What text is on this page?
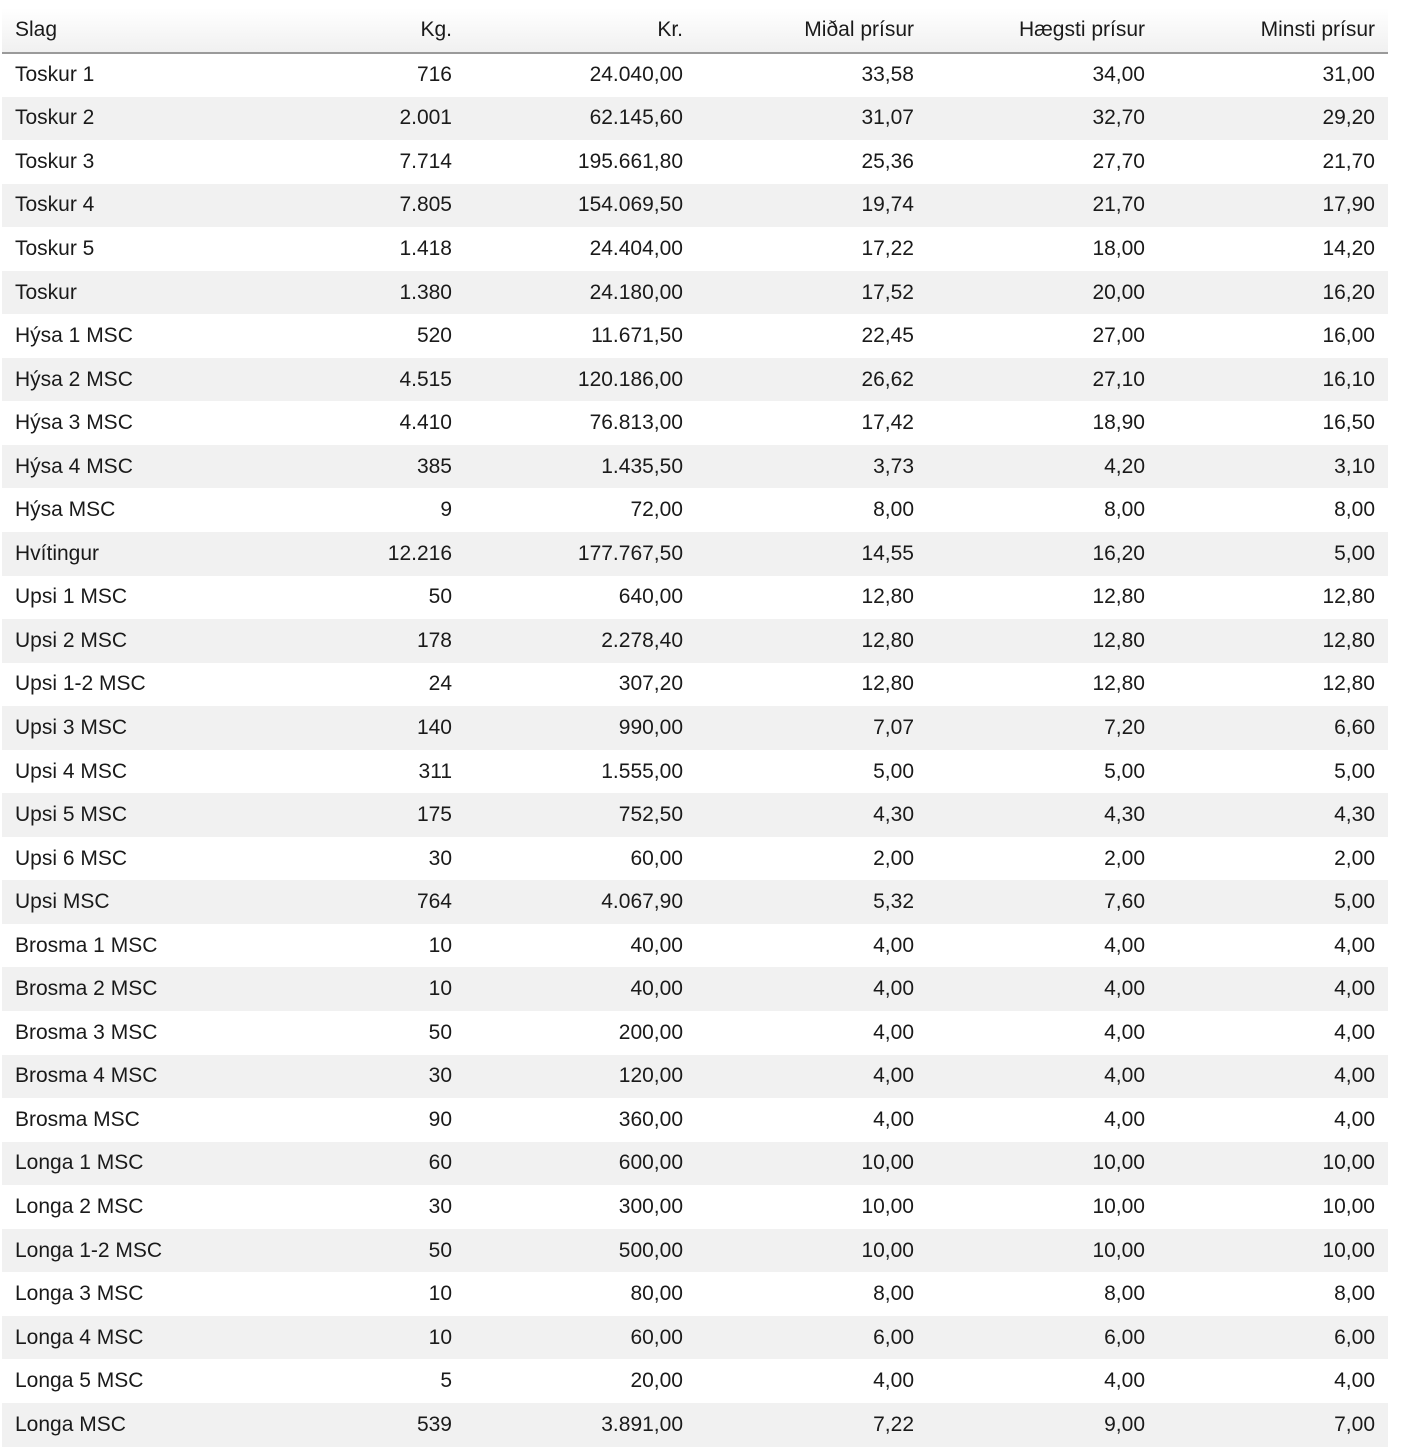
Slag	Kg.	Kr.	Miðal prísur	Hægsti prísur	Minsti prísur
Toskur 1	716	24.040,00	33,58	34,00	31,00
Toskur 2	2.001	62.145,60	31,07	32,70	29,20
Toskur 3	7.714	195.661,80	25,36	27,70	21,70
Toskur 4	7.805	154.069,50	19,74	21,70	17,90
Toskur 5	1.418	24.404,00	17,22	18,00	14,20
Toskur	1.380	24.180,00	17,52	20,00	16,20
Hýsa 1 MSC	520	11.671,50	22,45	27,00	16,00
Hýsa 2 MSC	4.515	120.186,00	26,62	27,10	16,10
Hýsa 3 MSC	4.410	76.813,00	17,42	18,90	16,50
Hýsa 4 MSC	385	1.435,50	3,73	4,20	3,10
Hýsa MSC	9	72,00	8,00	8,00	8,00
Hvítingur	12.216	177.767,50	14,55	16,20	5,00
Upsi 1 MSC	50	640,00	12,80	12,80	12,80
Upsi 2 MSC	178	2.278,40	12,80	12,80	12,80
Upsi 1-2 MSC	24	307,20	12,80	12,80	12,80
Upsi 3 MSC	140	990,00	7,07	7,20	6,60
Upsi 4 MSC	311	1.555,00	5,00	5,00	5,00
Upsi 5 MSC	175	752,50	4,30	4,30	4,30
Upsi 6 MSC	30	60,00	2,00	2,00	2,00
Upsi MSC	764	4.067,90	5,32	7,60	5,00
Brosma 1 MSC	10	40,00	4,00	4,00	4,00
Brosma 2 MSC	10	40,00	4,00	4,00	4,00
Brosma 3 MSC	50	200,00	4,00	4,00	4,00
Brosma 4 MSC	30	120,00	4,00	4,00	4,00
Brosma MSC	90	360,00	4,00	4,00	4,00
Longa 1 MSC	60	600,00	10,00	10,00	10,00
Longa 2 MSC	30	300,00	10,00	10,00	10,00
Longa 1-2 MSC	50	500,00	10,00	10,00	10,00
Longa 3 MSC	10	80,00	8,00	8,00	8,00
Longa 4 MSC	10	60,00	6,00	6,00	6,00
Longa 5 MSC	5	20,00	4,00	4,00	4,00
Longa MSC	539	3.891,00	7,22	9,00	7,00
